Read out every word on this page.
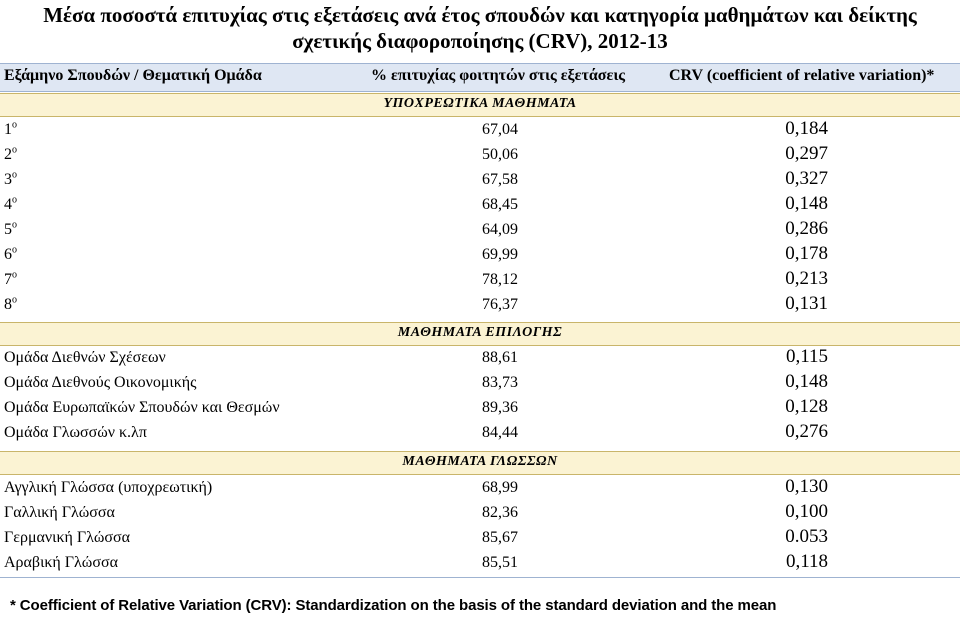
Μέσα ποσοστά επιτυχίας στις εξετάσεις ανά έτος σπουδών και κατηγορία μαθημάτων και δείκτης
σχετικής διαφοροποίησης (CRV), 2012-13
Εξάμηνο Σπουδών / Θεματική Ομάδα	% επιτυχίας φοιτητών στις εξετάσεις	CRV (coefficient of relative variation)*
ΥΠΟΧΡΕΩΤΙΚΑ ΜΑΘΗΜΑΤΑ
$1^o$	67,04	0,184
$2^o$	50,06	0,297
$3^o$	67,58	0,327
$4^o$	68,45	0,148
$5^o$	64,09	0,286
$6^o$	69,99	0,178
$7^o$	78,12	0,213
$8^o$	76,37	0,131
ΜΑΘΗΜΑΤΑ ΕΠΙΛΟΓΗΣ
Ομάδα Διεθνών Σχέσεων	88,61	0,115
Ομάδα Διεθνούς Οικονομικής	83,73	0,148
Ομάδα Ευρωπαϊκών Σπουδών και Θεσμών	89,36	0,128
Ομάδα Γλωσσών κ.λπ	84,44	0,276
ΜΑΘΗΜΑΤΑ ΓΛΩΣΣΩΝ
Αγγλική Γλώσσα (υποχρεωτική)	68,99	0,130
Γαλλική Γλώσσα	82,36	0,100
Γερμανική Γλώσσα	85,67	0.053
Αραβική Γλώσσα	85,51	0,118
* Coefficient of Relative Variation (CRV): Standardization on the basis of the standard deviation and the mean
